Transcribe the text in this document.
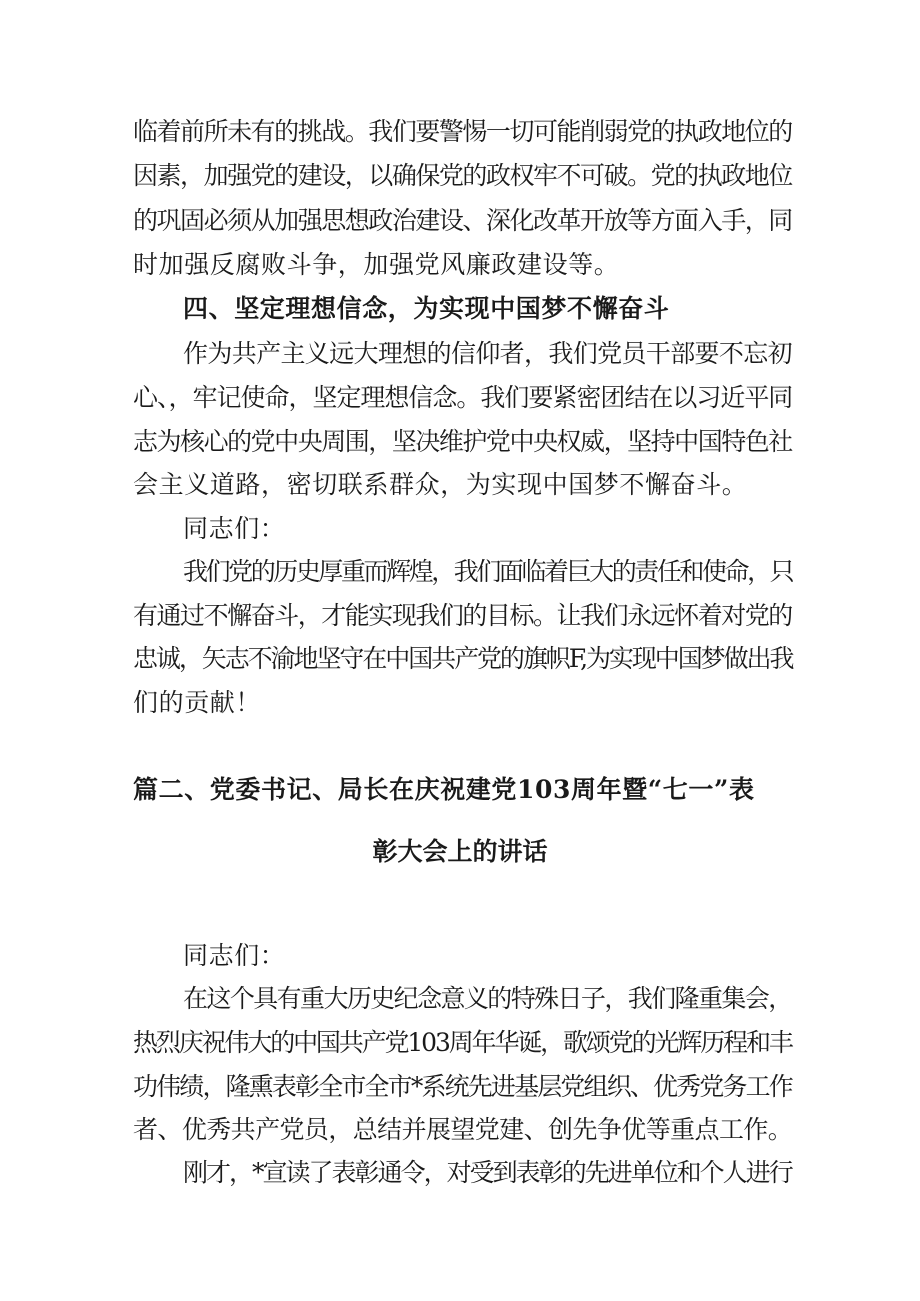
临着前所未有的挑战。我们要警惕一切可能削弱党的执政地位的
因素，加强党的建设，以确保党的政权牢不可破。党的执政地位
的巩固必须从加强思想政治建设、深化改革开放等方面入手，同
时加强反腐败斗争，加强党风廉政建设等。
四、坚定理想信念，为实现中国梦不懈奋斗
作为共产主义远大理想的信仰者，我们党员干部要不忘初
心、，牢记使命，坚定理想信念。我们要紧密团结在以习近平同
志为核心的党中央周围，坚决维护党中央权威，坚持中国特色社
会主义道路，密切联系群众，为实现中国梦不懈奋斗。
同志们：
我们党的历史厚重而辉煌，我们面临着巨大的责任和使命，只
有通过不懈奋斗，才能实现我们的目标。让我们永远怀着对党的
忠诚，矢志不渝地坚守在中国共产党的旗帜F,为实现中国梦做出我
们的贡献！
篇二、党委书记、局长在庆祝建党103周年暨“七一”表
彰大会上的讲话
同志们：
在这个具有重大历史纪念意义的特殊日子，我们隆重集会，
热烈庆祝伟大的中国共产党103周年华诞，歌颂党的光辉历程和丰
功伟绩，隆熏表彰全市全市*系统先进基层党组织、优秀党务工作
者、优秀共产党员，总结并展望党建、创先争优等重点工作。
刚才，*宣读了表彰通令，对受到表彰的先进单位和个人进行
